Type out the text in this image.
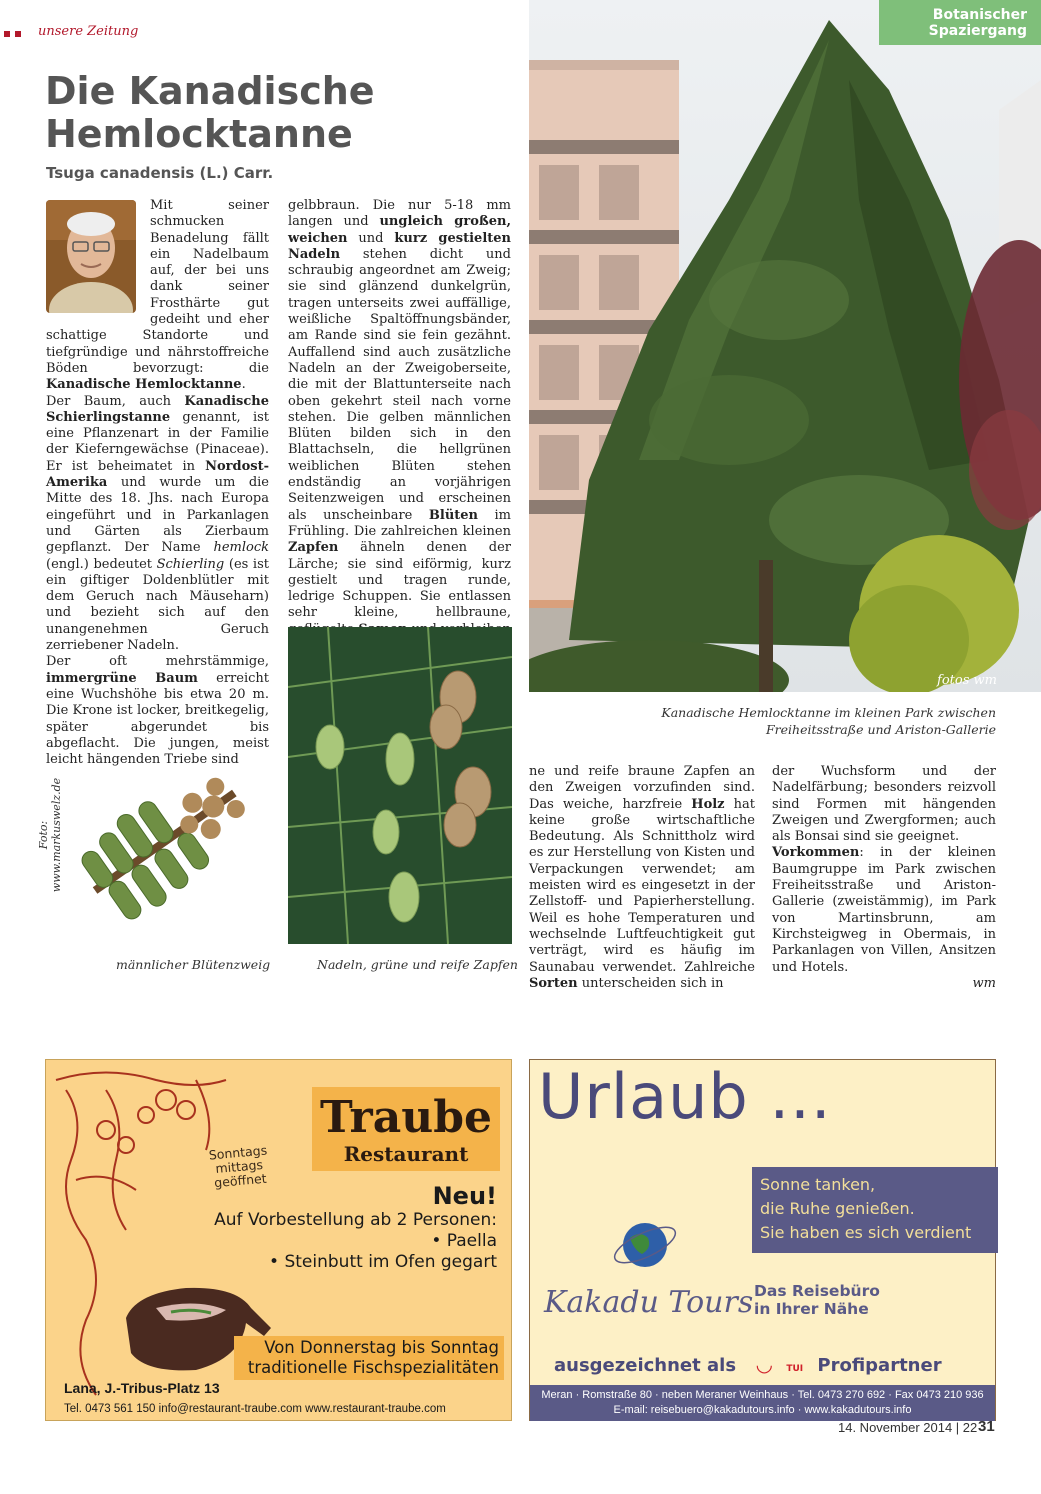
unsere Zeitung
fotos wm
Botanischer
Spaziergang
Die Kanadische
Hemlocktanne
Tsuga canadensis (L.) Carr.

Mit seiner schmucken Benadelung fällt ein Nadelbaum auf, der bei uns dank seiner Frosthärte gut gedeiht und eher schattige Standorte und tiefgründige und nährstoffreiche Böden bevorzugt: die Kanadische Hemlocktanne.

Der Baum, auch Kanadische Schierlingstanne genannt, ist eine Pflanzenart in der Familie der Kieferngewächse (Pinaceae). Er ist beheimatet in Nordost-Amerika und wurde um die Mitte des 18. Jhs. nach Europa eingeführt und in Parkanlagen und Gärten als Zierbaum gepflanzt. Der Name hemlock (engl.) bedeutet Schierling (es ist ein giftiger Doldenblütler mit dem Geruch nach Mäuseharn) und bezieht sich auf den unangenehmen Geruch zerriebener Nadeln.

Der oft mehrstämmige, immergrüne Baum erreicht eine Wuchshöhe bis etwa 20 m. Die Krone ist locker, breitkegelig, später abgerundet bis abgeflacht. Die jungen, meist leicht hängenden Triebe sind

gelbbraun. Die nur 5-18 mm langen und ungleich großen, weichen und kurz gestielten Nadeln stehen dicht und schraubig angeordnet am Zweig; sie sind glänzend dunkelgrün, tragen unterseits zwei auffällige, weißliche Spaltöffnungsbänder, am Rande sind sie fein gezähnt. Auffallend sind auch zusätzliche Nadeln an der Zweigoberseite, die mit der Blattunterseite nach oben gekehrt steil nach vorne stehen. Die gelben männlichen Blüten bilden sich in den Blattachseln, die hellgrünen weiblichen Blüten stehen endständig an vorjährigen Seitenzweigen und erscheinen als unscheinbare Blüten im Frühling. Die zahlreichen kleinen Zapfen ähneln denen der Lärche; sie sind eiförmig, kurz gestielt und tragen runde, ledrige Schuppen. Sie entlassen sehr kleine, hellbraune,

Foto: www.markuswelz.de
männlicher Blütenzweig	Nadeln, grüne und reife Zapfen
Kanadische Hemlocktanne im kleinen Park zwischen
Freiheitsstraße und Ariston-Gallerie

ne und reife braune Zapfen an den Zweigen vorzufinden sind. Das weiche, harzfreie Holz hat keine große wirtschaftliche Bedeutung. Als Schnittholz wird es zur Herstellung von Kisten und Verpackungen verwendet; am meisten wird es eingesetzt in der Zellstoff- und Papierherstellung. Weil es hohe Temperaturen und wechselnde Luftfeuchtigkeit gut verträgt, wird es häufig im Saunabau verwendet. Zahlreiche Sorten unterscheiden sich in

der Wuchsform und der Nadelfärbung; besonders reizvoll sind Formen mit hängenden Zweigen und Zwergformen; auch als Bonsai sind sie geeignet.
Vorkommen: in der kleinen Baumgruppe im Park zwischen Freiheitsstraße und Ariston-Gallerie (zweistämmig), im Park von Martinsbrunn, am Kirchsteigweg in Obermais, in Parkanlagen von Villen, Ansitzen und Hotels.

wm
Traube
Restaurant
Sonntags
mittags
geöffnet
Neu!
Auf Vorbestellung ab 2 Personen:
• Paella
• Steinbutt im Ofen gegart
Von Donnerstag bis Sonntag
traditionelle Fischspezialitäten
Lana, J.-Tribus-Platz 13
Tel. 0473 561 150 info@restaurant-traube.com www.restaurant-traube.com
Urlaub ...
Sonne tanken,
die Ruhe genießen.
Sie haben es sich verdient
Kakadu Tours Das Reisebüro
in Ihrer Nähe
ausgezeichnet als ◡ TUI Profipartner
Meran · Romstraße 80 · neben Meraner Weinhaus · Tel. 0473 270 692 · Fax 0473 210 936
E-mail: reisebuero@kakadutours.info · www.kakadutours.info
14. November 2014 | 22 31
